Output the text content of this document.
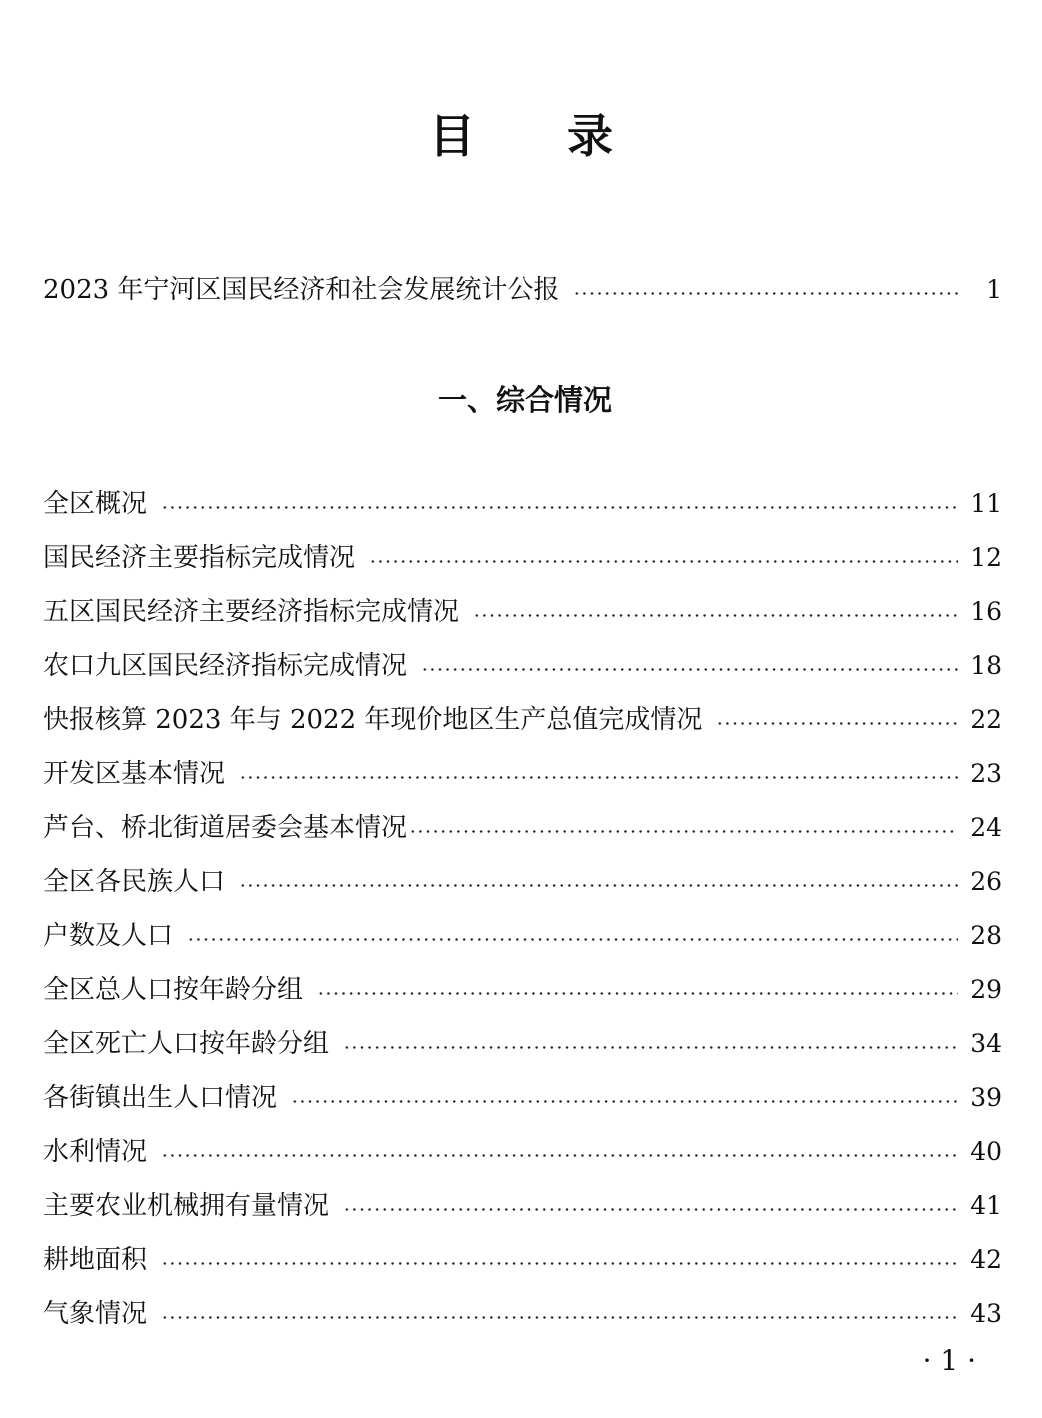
目 录
2023 年宁河区国民经济和社会发展统计公报	1
一、综合情况
全区概况	11
国民经济主要指标完成情况	12
五区国民经济主要经济指标完成情况	16
农口九区国民经济指标完成情况	18
快报核算 2023 年与 2022 年现价地区生产总值完成情况	22
开发区基本情况	23
芦台、桥北街道居委会基本情况	24
全区各民族人口	26
户数及人口	28
全区总人口按年龄分组	29
全区死亡人口按年龄分组	34
各街镇出生人口情况	39
水利情况	40
主要农业机械拥有量情况	41
耕地面积	42
气象情况	43
· 1 ·
